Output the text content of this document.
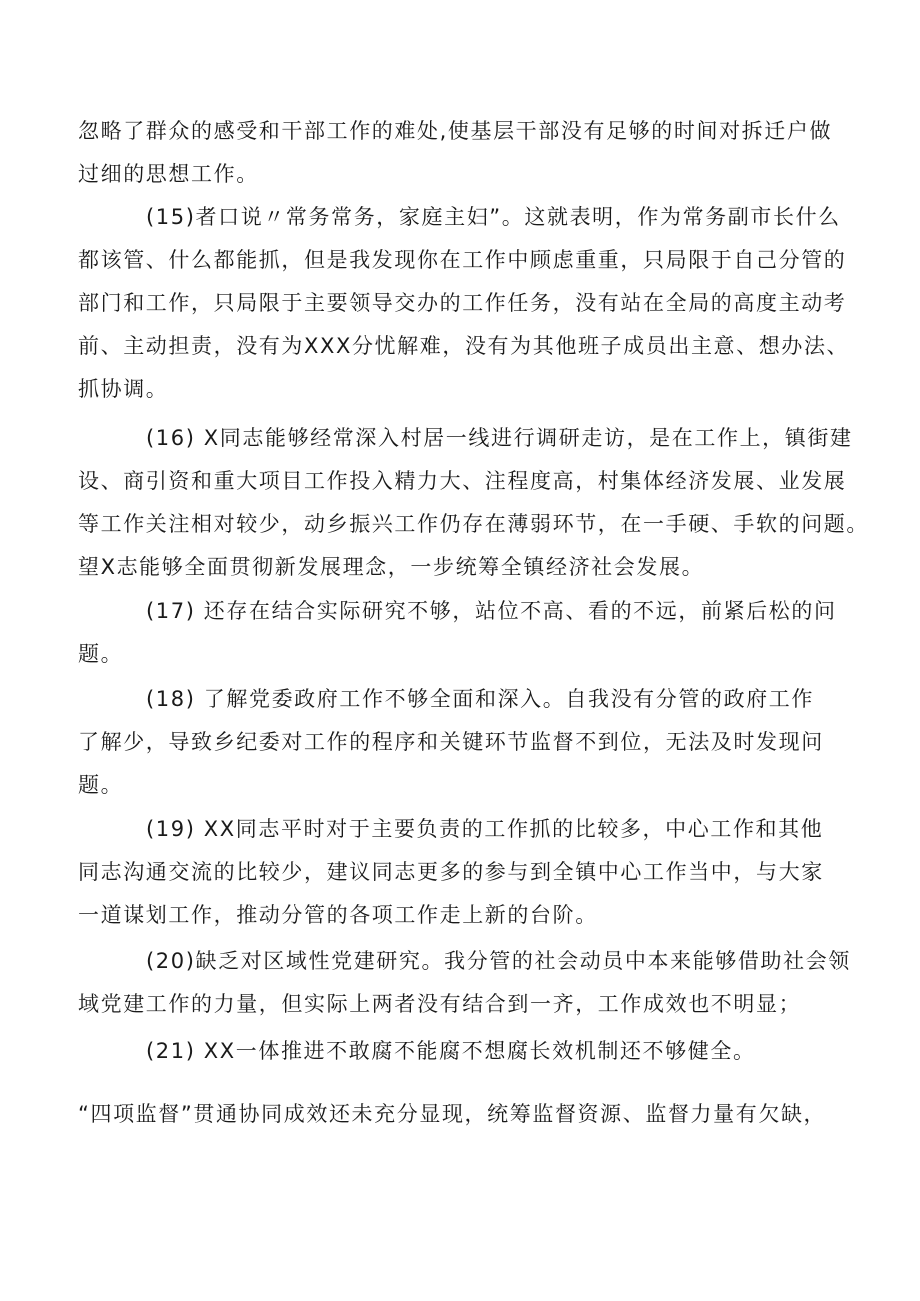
忽略了群众的感受和干部工作的难处,使基层干部没有足够的时间对拆迁户做
过细的思想工作。
(15)者口说〃常务常务，家庭主妇”。这就表明，作为常务副市长什么
都该管、什么都能抓，但是我发现你在工作中顾虑重重，只局限于自己分管的
部门和工作，只局限于主要领导交办的工作任务，没有站在全局的高度主动考
前、主动担责，没有为XXX分忧解难，没有为其他班子成员出主意、想办法、
抓协调。
(16) X同志能够经常深入村居一线进行调研走访，是在工作上，镇街建
设、商引资和重大项目工作投入精力大、注程度高，村集体经济发展、业发展
等工作关注相对较少，动乡振兴工作仍存在薄弱环节，在一手硬、手软的问题。
望X志能够全面贯彻新发展理念，一步统筹全镇经济社会发展。
(17) 还存在结合实际研究不够，站位不高、看的不远，前紧后松的问
题。
(18) 了解党委政府工作不够全面和深入。自我没有分管的政府工作
了解少，导致乡纪委对工作的程序和关键环节监督不到位，无法及时发现问
题。
(19) XX同志平时对于主要负责的工作抓的比较多，中心工作和其他
同志沟通交流的比较少，建议同志更多的参与到全镇中心工作当中，与大家
一道谋划工作，推动分管的各项工作走上新的台阶。
(20)缺乏对区域性党建研究。我分管的社会动员中本来能够借助社会领
域党建工作的力量，但实际上两者没有结合到一齐，工作成效也不明显；
(21) XX一体推进不敢腐不能腐不想腐长效机制还不够健全。
“四项监督”贯通协同成效还未充分显现，统筹监督资源、监督力量有欠缺，
